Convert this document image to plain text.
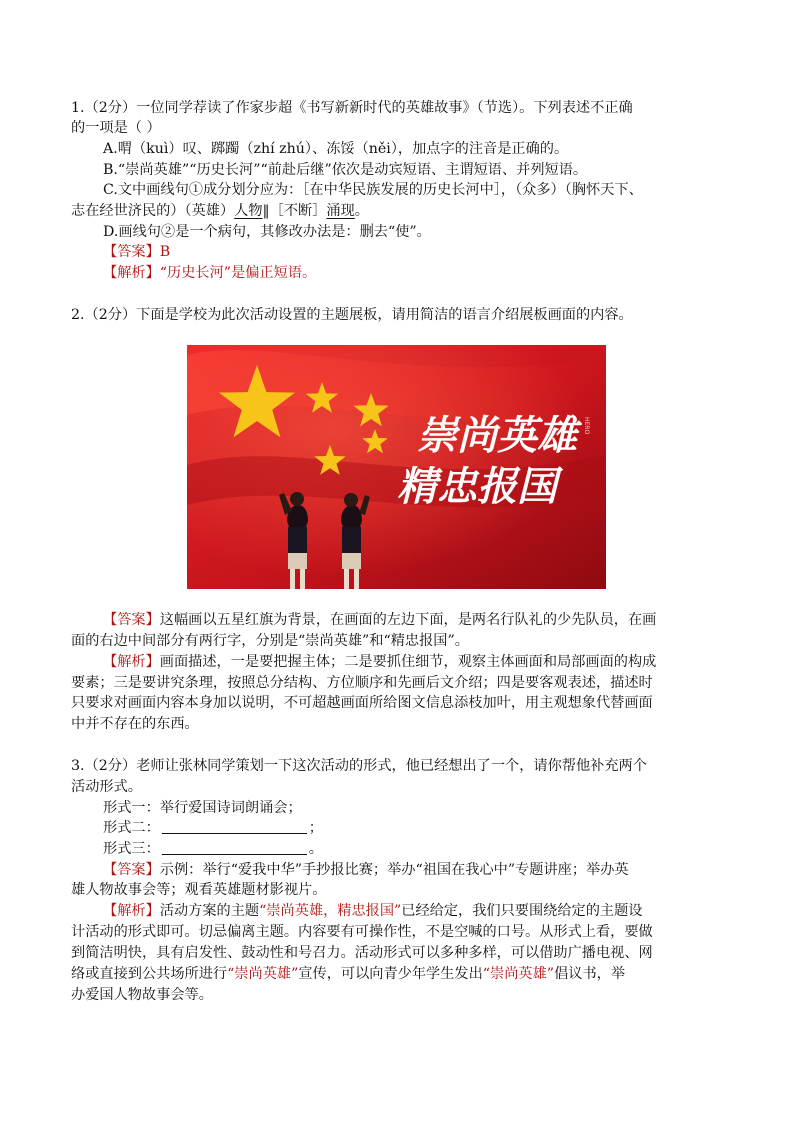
1.（2分）一位同学荐读了作家步超《书写新新时代的英雄故事》（节选）。下列表述不正确
的一项是（ ）
A.喟（kuì）叹、踯躅（zhí zhú）、冻馁（něi），加点字的注音是正确的。
B.“崇尚英雄”“历史长河”“前赴后继”依次是动宾短语、主谓短语、并列短语。
C.文中画线句①成分划分应为：［在中华民族发展的历史长河中］，（众多）（胸怀天下、
志在经世济民的）（英雄）人物‖［不断］涌现。
D.画线句②是一个病句，其修改办法是：删去“使”。
【答案】B
【解析】“历史长河”是偏正短语。
2.（2分）下面是学校为此次活动设置的主题展板，请用简洁的语言介绍展板画面的内容。
崇尚英雄
精忠报国
HERO
【答案】这幅画以五星红旗为背景，在画面的左边下面，是两名行队礼的少先队员，在画
面的右边中间部分有两行字，分别是“崇尚英雄”和“精忠报国”。
【解析】画面描述，一是要把握主体；二是要抓住细节，观察主体画面和局部画面的构成
要素；三是要讲究条理，按照总分结构、方位顺序和先画后文介绍；四是要客观表述，描述时
只要求对画面内容本身加以说明，不可超越画面所给图文信息添枝加叶，用主观想象代替画面
中并不存在的东西。
3.（2分）老师让张林同学策划一下这次活动的形式，他已经想出了一个，请你帮他补充两个
活动形式。
形式一：举行爱国诗词朗诵会；
形式二：	；
形式三：	。
【答案】示例：举行“爱我中华”手抄报比赛；举办“祖国在我心中”专题讲座；举办英
雄人物故事会等；观看英雄题材影视片。
【解析】活动方案的主题“崇尚英雄，精忠报国”已经给定，我们只要围绕给定的主题设
计活动的形式即可。切忌偏离主题。内容要有可操作性，不是空喊的口号。从形式上看，要做
到简洁明快，具有启发性、鼓动性和号召力。活动形式可以多种多样，可以借助广播电视、网
络或直接到公共场所进行“崇尚英雄”宣传，可以向青少年学生发出“崇尚英雄”倡议书，举
办爱国人物故事会等。
